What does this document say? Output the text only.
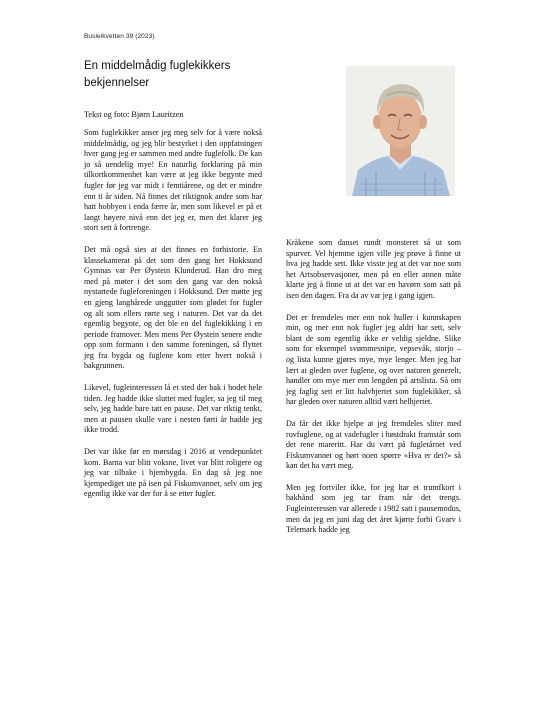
Busleikvetten 39 (2023)
En middelmådig fuglekikkers
bekjennelser
Tekst og foto: Bjørn Lauritzen

Som fuglekikker anser jeg meg selv for å være nokså middelmådig, og jeg blir bestyrket i den oppfatningen hver gang jeg er sammen med andre fuglefolk. De kan jo så uendelig mye! En naturlig forklaring på min tilkortkommenhet kan være at jeg ikke begynte med fugler før jeg var midt i femtiårene, og det er mindre enn ti år siden. Nå finnes det riktignok andre som har hatt hobbyen i enda færre år, men som likevel er på et langt høyere nivå enn det jeg er, men det klarer jeg stort sett å fortrenge.

Det må også sies at det finnes en forhistorie. En klassekamerat på det som den gang het Hokksund Gymnas var Per Øystein Klunderud. Han dro meg med på møter i det som den gang var den nokså nystartede fugleforeningen i Hokksund. Der møtte jeg en gjeng langhårede unggutter som glødet for fugler og alt som ellers rørte seg i naturen. Det var da det egentlig begynte, og det ble en del fuglekikking i en periode framover. Men mens Per Øystein senere endte opp som formann i den samme foreningen, så flyttet jeg fra bygda og fuglene kom etter hvert nokså i bakgrunnen.

Likevel, fugleinteressen lå et sted der bak i hodet hele tiden. Jeg hadde ikke sluttet med fugler, sa jeg til meg selv, jeg hadde bare tatt en pause. Det var riktig tenkt, men at pausen skulle vare i nesten førti år hadde jeg ikke trodd.

Det var ikke før en mørsdag i 2016 at vendepunktet kom. Barna var blitt voksne, livet var blitt roligere og jeg var tilbake i hjembygda. En dag så jeg noe kjempediget ute på isen på Fiskumvannet, selv om jeg egentlig ikke var der for å se etter fugler.

Kråkene som danset rundt monsteret så ut som spurver. Vel hjemme igjen ville jeg prøve å finne ut hva jeg hadde sett. Ikke visste jeg at det var noe som het Artsobservasjoner, men på en eller annen måte klarte jeg å finne ut at det var en havørn som satt på isen den dagen. Fra da av var jeg i gang igjen.

Det er fremdeles mer enn nok huller i kunnskapen min, og mer enn nok fugler jeg aldri har sett, selv blant de som egentlig ikke er veldig sjeldne. Slike som for eksempel svømmesnipe, vepsevåk, storjo – og lista kunne gjøres mye, mye lenger. Men jeg har lært at gleden over fuglene, og over naturen generelt, handler om mye mer enn lengden på artslista. Så om jeg faglig sett er litt halvhjertet som fuglekikker, så har gleden over naturen alltid vært helhjertet.

Da får det ikke hjelpe at jeg fremdeles sliter med rovfuglene, og at vadefugler i høstdrakt framstår som det rene mareritt. Har du vært på fugletårnet ved Fiskumvannet og hørt noen spørre «Hva er det?» så kan det ha vært meg.

Men jeg fortviler ikke, for jeg har et trumfkort i bakhånd som jeg tar fram når det trengs. Fugleinteressen var allerede i 1982 satt i pausemodus, men da jeg en juni dag det året kjørte forbi Gvarv i Telemark hadde jeg
